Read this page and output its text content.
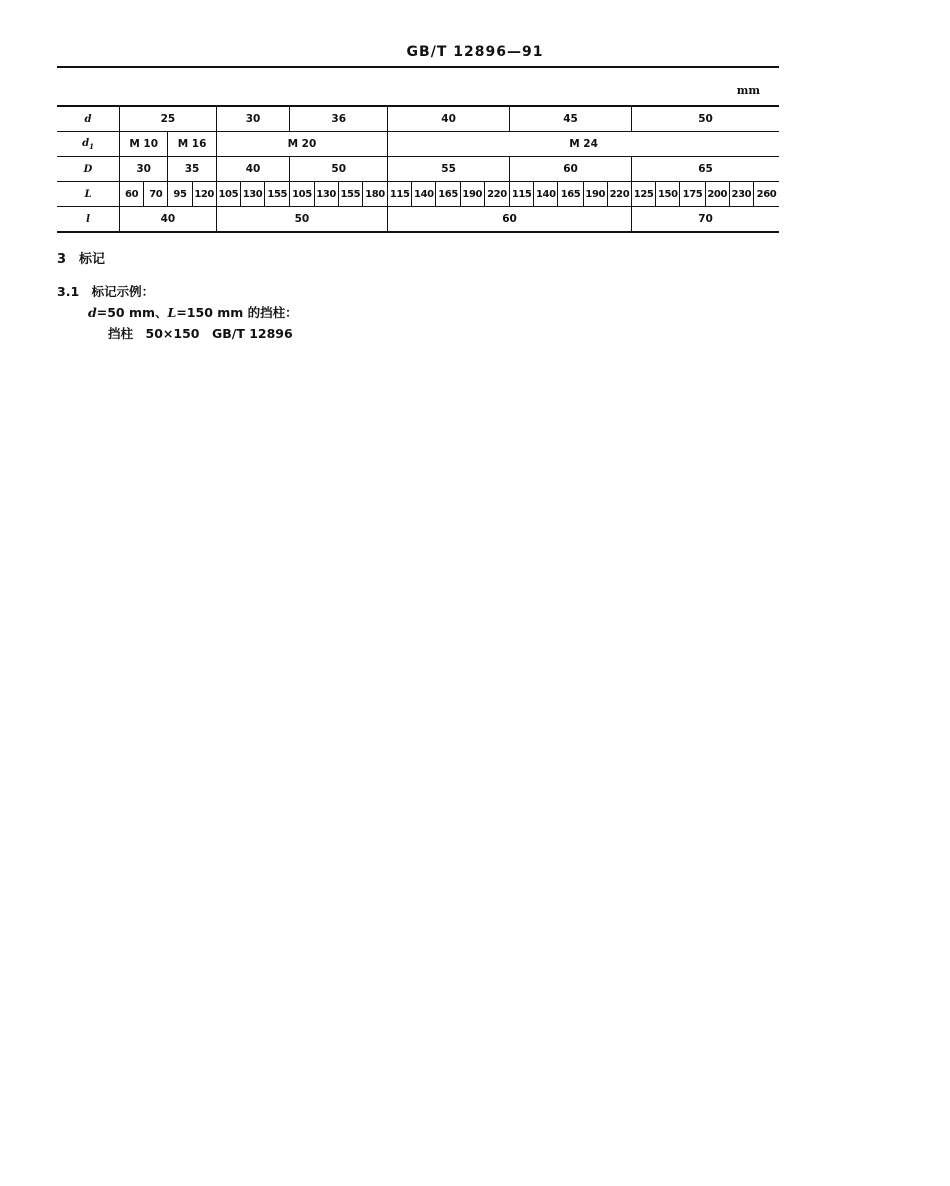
GB/T 12896—91
mm
d	25				30			36				40					45					50					
$d_1$	M 10		M 16		M 20							M 24															
D	30		35		40			50				55					60					65					
L	60	70	95	120	105	130	155	105	130	155	180	115	140	165	190	220	115	140	165	190	220	125	150	175	200	230	260
l	40				50							60										70					
3　标记
3.1　标记示例：
d=50 mm、L=150 mm 的挡柱：
挡柱　50×150　GB/T 12896
